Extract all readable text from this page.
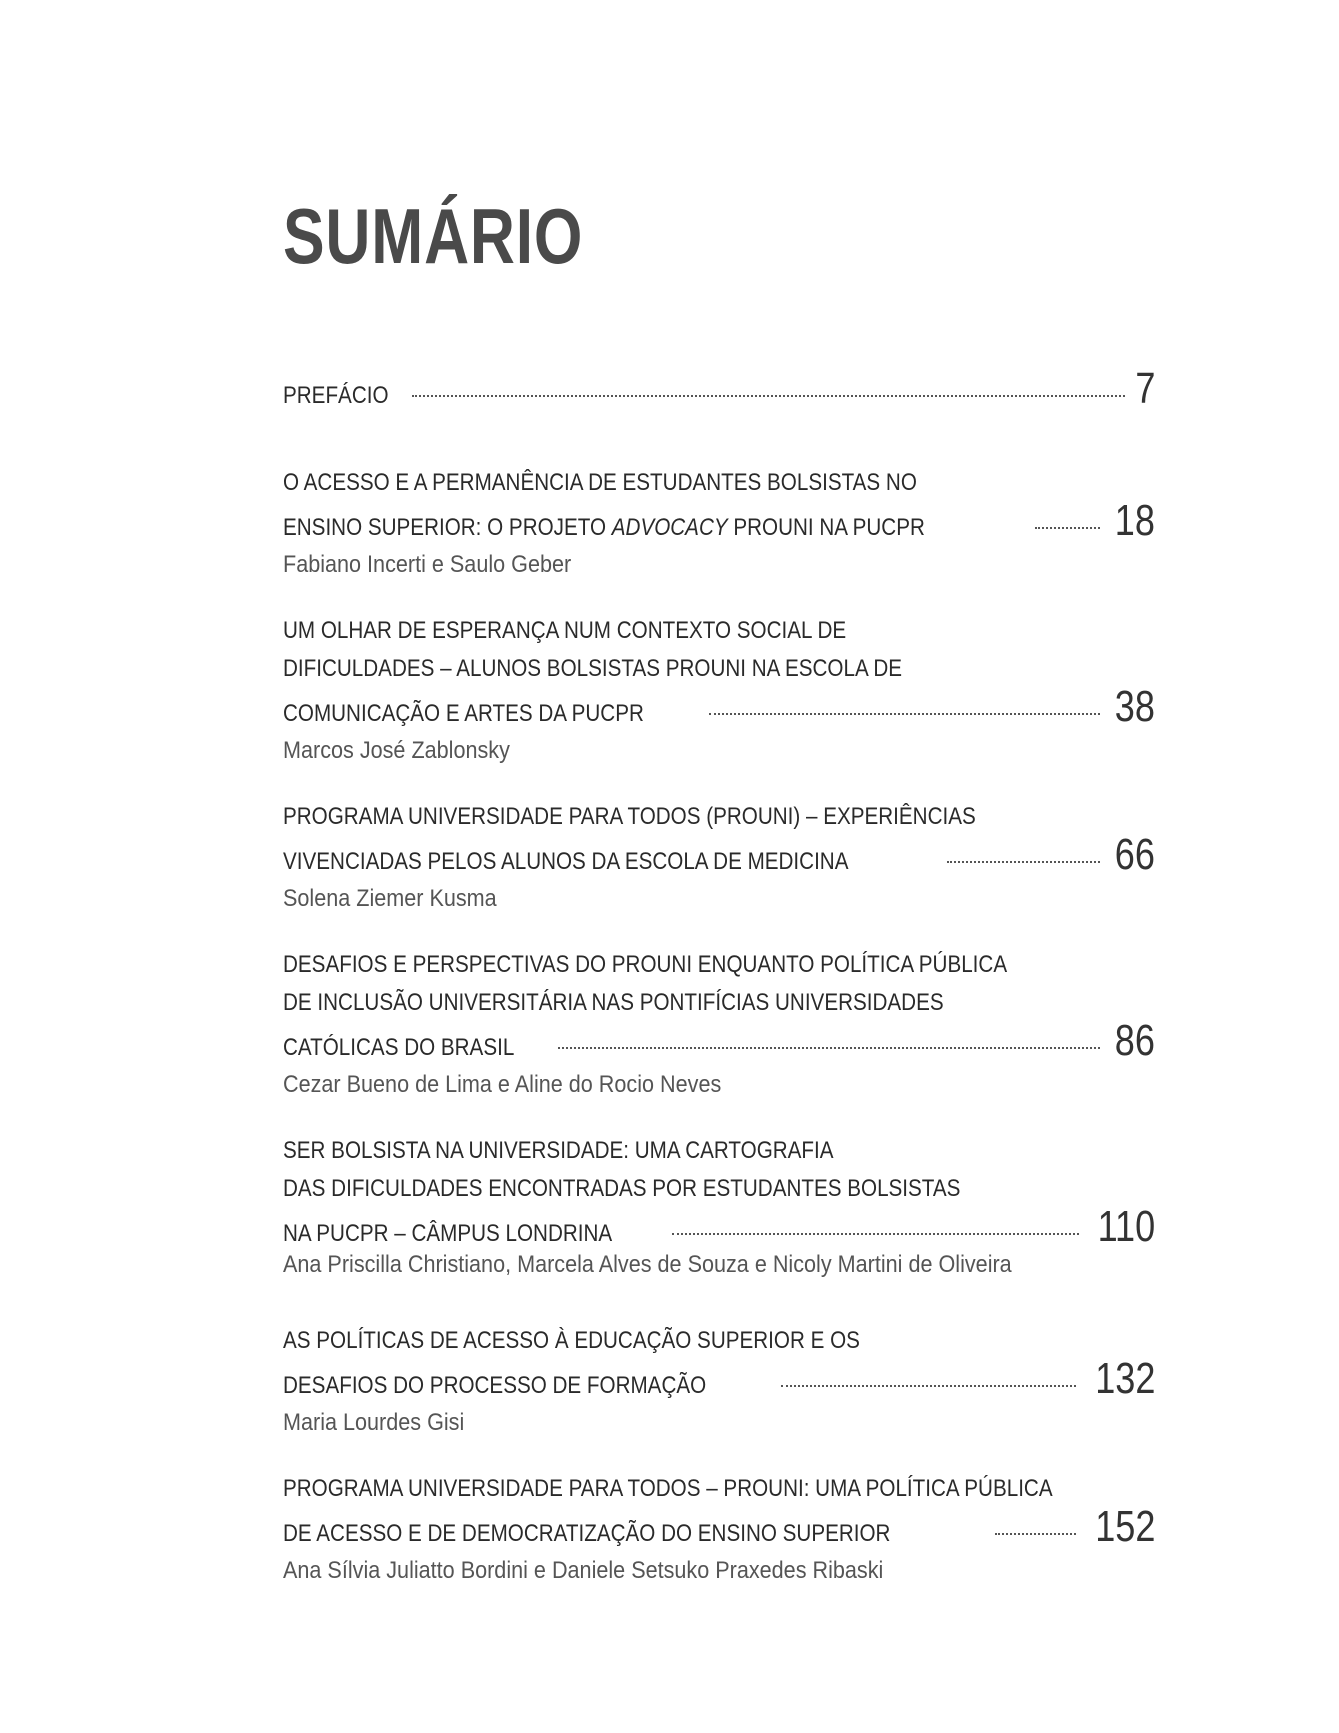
SUMÁRIO
PREFÁCIO	7
O ACESSO E A PERMANÊNCIA DE ESTUDANTES BOLSISTAS NO
ENSINO SUPERIOR: O PROJETO ADVOCACY PROUNI NA PUCPR	18
Fabiano Incerti e Saulo Geber
UM OLHAR DE ESPERANÇA NUM CONTEXTO SOCIAL DE
DIFICULDADES – ALUNOS BOLSISTAS PROUNI NA ESCOLA DE
COMUNICAÇÃO E ARTES DA PUCPR	38
Marcos José Zablonsky
PROGRAMA UNIVERSIDADE PARA TODOS (PROUNI) – EXPERIÊNCIAS
VIVENCIADAS PELOS ALUNOS DA ESCOLA DE MEDICINA	66
Solena Ziemer Kusma
DESAFIOS E PERSPECTIVAS DO PROUNI ENQUANTO POLÍTICA PÚBLICA
DE INCLUSÃO UNIVERSITÁRIA NAS PONTIFÍCIAS UNIVERSIDADES
CATÓLICAS DO BRASIL	86
Cezar Bueno de Lima e Aline do Rocio Neves
SER BOLSISTA NA UNIVERSIDADE: UMA CARTOGRAFIA
DAS DIFICULDADES ENCONTRADAS POR ESTUDANTES BOLSISTAS
NA PUCPR – CÂMPUS LONDRINA	110
Ana Priscilla Christiano, Marcela Alves de Souza e Nicoly Martini de Oliveira
AS POLÍTICAS DE ACESSO À EDUCAÇÃO SUPERIOR E OS
DESAFIOS DO PROCESSO DE FORMAÇÃO	132
Maria Lourdes Gisi
PROGRAMA UNIVERSIDADE PARA TODOS – PROUNI: UMA POLÍTICA PÚBLICA
DE ACESSO E DE DEMOCRATIZAÇÃO DO ENSINO SUPERIOR	152
Ana Sílvia Juliatto Bordini e Daniele Setsuko Praxedes Ribaski
